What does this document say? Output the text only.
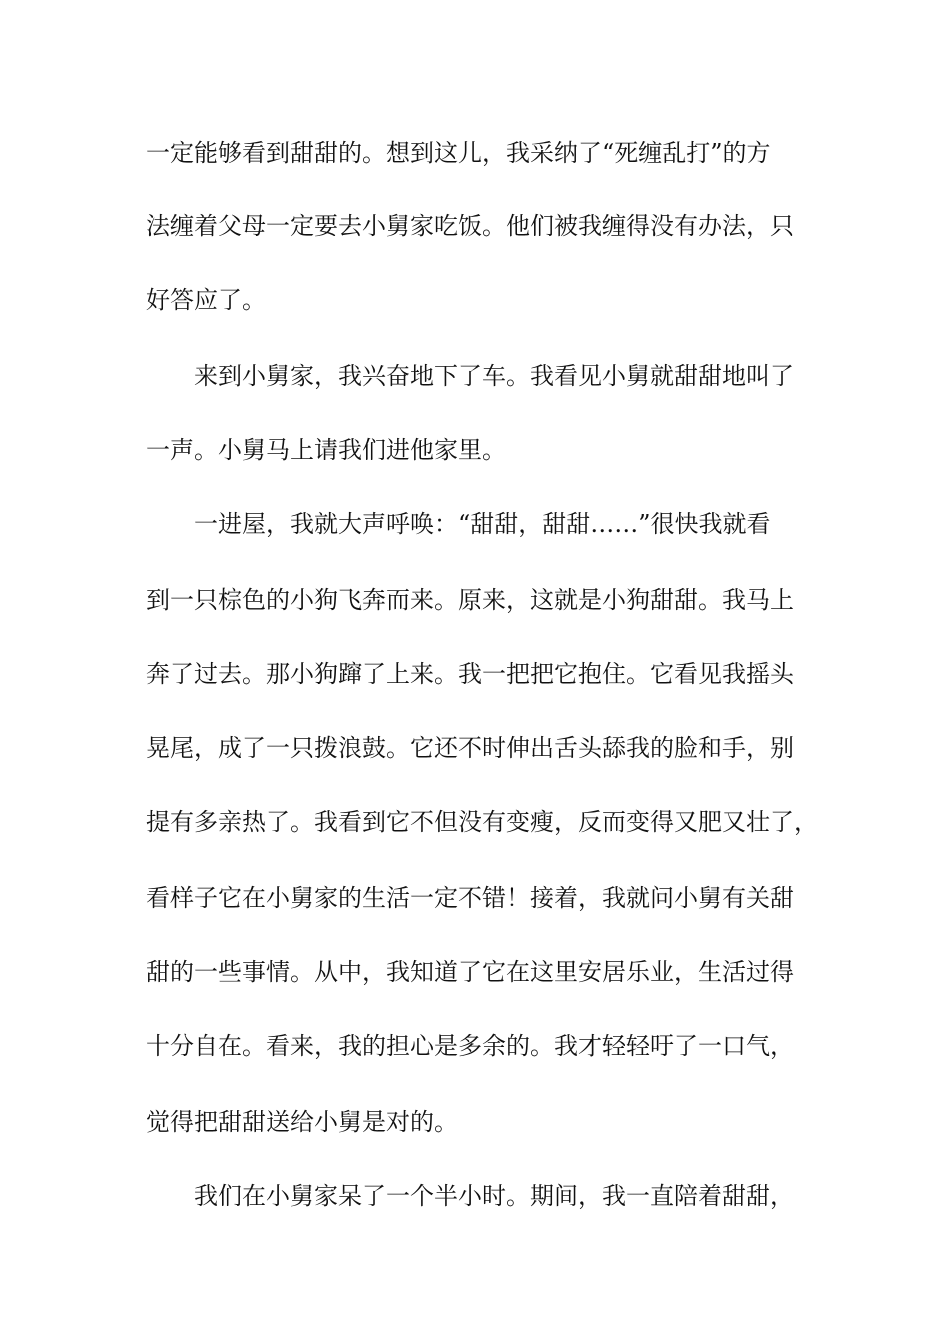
一定能够看到甜甜的。想到这儿，我采纳了“死缠乱打”的方
法缠着父母一定要去小舅家吃饭。他们被我缠得没有办法，只
好答应了。
来到小舅家，我兴奋地下了车。我看见小舅就甜甜地叫了
一声。小舅马上请我们进他家里。
一进屋，我就大声呼唤：“甜甜，甜甜……”很快我就看
到一只棕色的小狗飞奔而来。原来，这就是小狗甜甜。我马上
奔了过去。那小狗蹿了上来。我一把把它抱住。它看见我摇头
晃尾，成了一只拨浪鼓。它还不时伸出舌头舔我的脸和手，别
提有多亲热了。我看到它不但没有变瘦，反而变得又肥又壮了，
看样子它在小舅家的生活一定不错！接着，我就问小舅有关甜
甜的一些事情。从中，我知道了它在这里安居乐业，生活过得
十分自在。看来，我的担心是多余的。我才轻轻吁了一口气，
觉得把甜甜送给小舅是对的。
我们在小舅家呆了一个半小时。期间，我一直陪着甜甜，
